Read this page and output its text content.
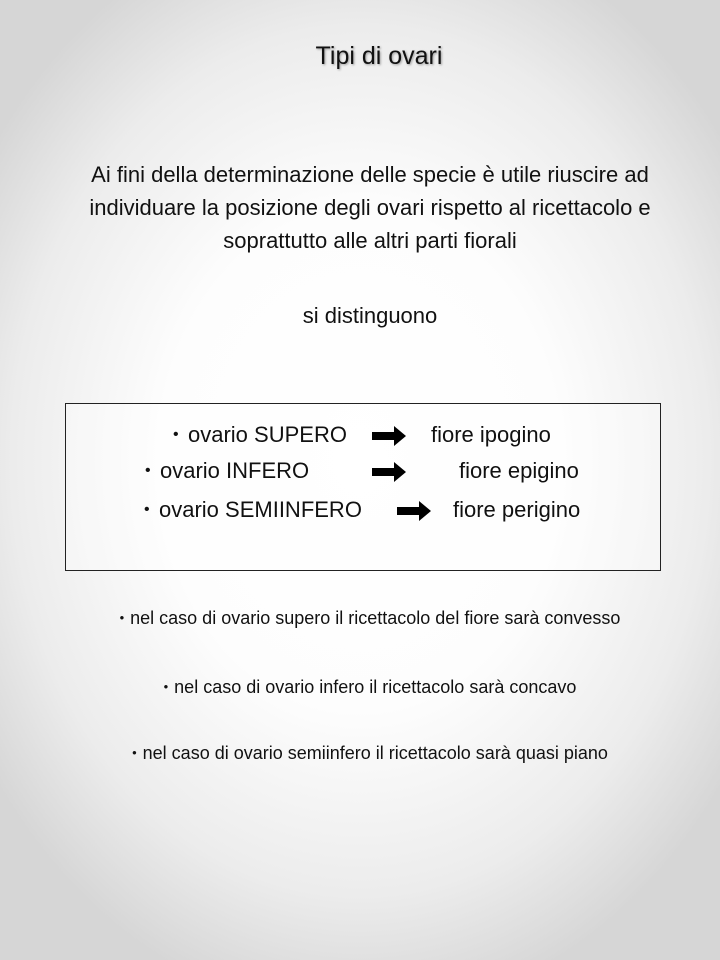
Tipi di ovari
Ai fini della determinazione delle specie è utile riuscire ad individuare la posizione degli ovari rispetto al ricettacolo e soprattutto alle altri parti fiorali
si distinguono
• ovario SUPERO	fiore ipogino
• ovario INFERO	fiore epigino
• ovario SEMIINFERO	fiore perigino
• nel caso di ovario supero il ricettacolo del fiore sarà convesso
• nel caso di ovario infero il ricettacolo sarà concavo
• nel caso di ovario semiinfero il ricettacolo sarà quasi piano
